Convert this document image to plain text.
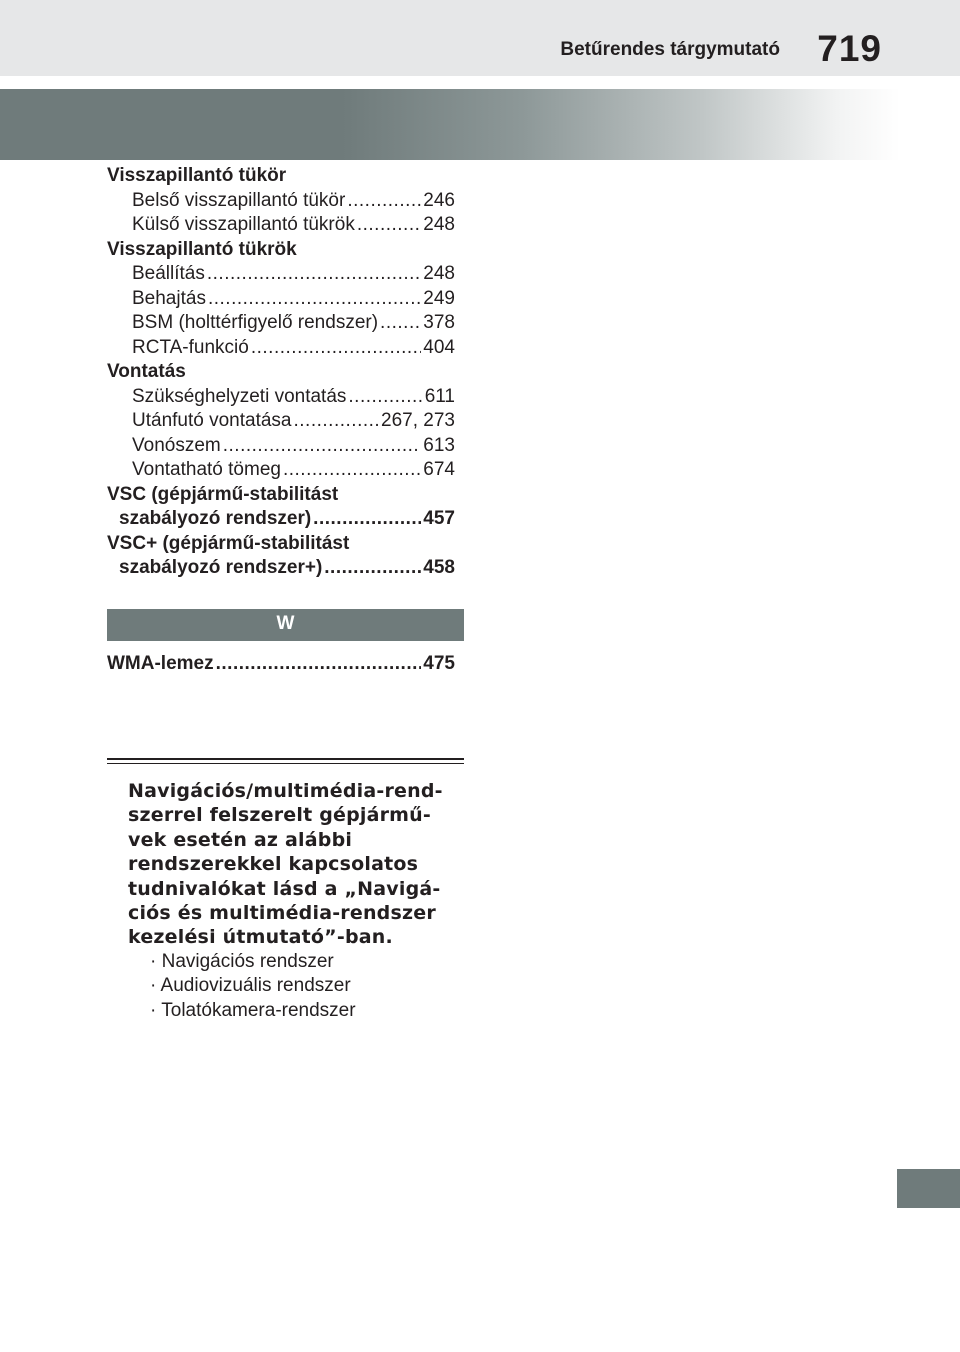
Betűrendes tárgymutató 719
Visszapillantó tükör
Belső visszapillantó tükör .....	246
Külső visszapillantó tükrök .....	248
Visszapillantó tükrök
Beállítás .....	248
Behajtás .....	249
BSM (holttérfigyelő rendszer) ..... 378
RCTA-funkció .....	404
Vontatás
Szükséghelyzeti vontatás .....	611
Utánfutó vontatása .....	267, 273
Vonószem .....	613
Vontatható tömeg .....	674
VSC (gépjármű-stabilitást
szabályozó rendszer) .....	457
VSC+ (gépjármű-stabilitást
szabályozó rendszer+) .....	458
W
WMA-lemez .....	475
Navigációs/multimédia-rend-
szerrel felszerelt gépjármű-
vek esetén az alábbi
rendszerekkel kapcsolatos
tudnivalókat lásd a „Navigá-
ciós és multimédia-rendszer
kezelési útmutató”-ban.
· Navigációs rendszer
· Audiovizuális rendszer
· Tolatókamera-rendszer
